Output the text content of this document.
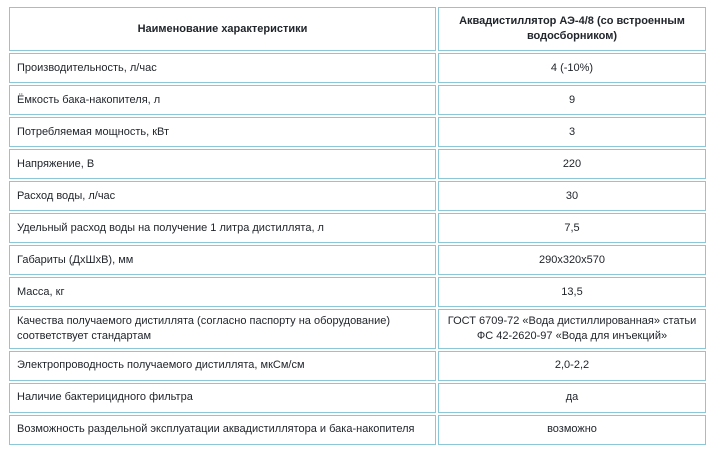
Наименование характеристики	Аквадистиллятор АЭ-4/8 (со встроенным водосборником)
Производительность, л/час	4 (-10%)
Ёмкость бака-накопителя, л	9
Потребляемая мощность, кВт	3
Напряжение, В	220
Расход воды, л/час	30
Удельный расход воды на получение 1 литра дистиллята, л	7,5
Габариты (ДхШхВ), мм	290х320х570
Масса, кг	13,5
Качества получаемого дистиллята (согласно паспорту на оборудование) соответствует стандартам	ГОСТ 6709-72 «Вода дистиллированная» статьи ФС 42-2620-97 «Вода для инъекций»
Электропроводность получаемого дистиллята, мкСм/см	2,0-2,2
Наличие бактерицидного фильтра	да
Возможность раздельной эксплуатации аквадистиллятора и бака-накопителя	возможно
